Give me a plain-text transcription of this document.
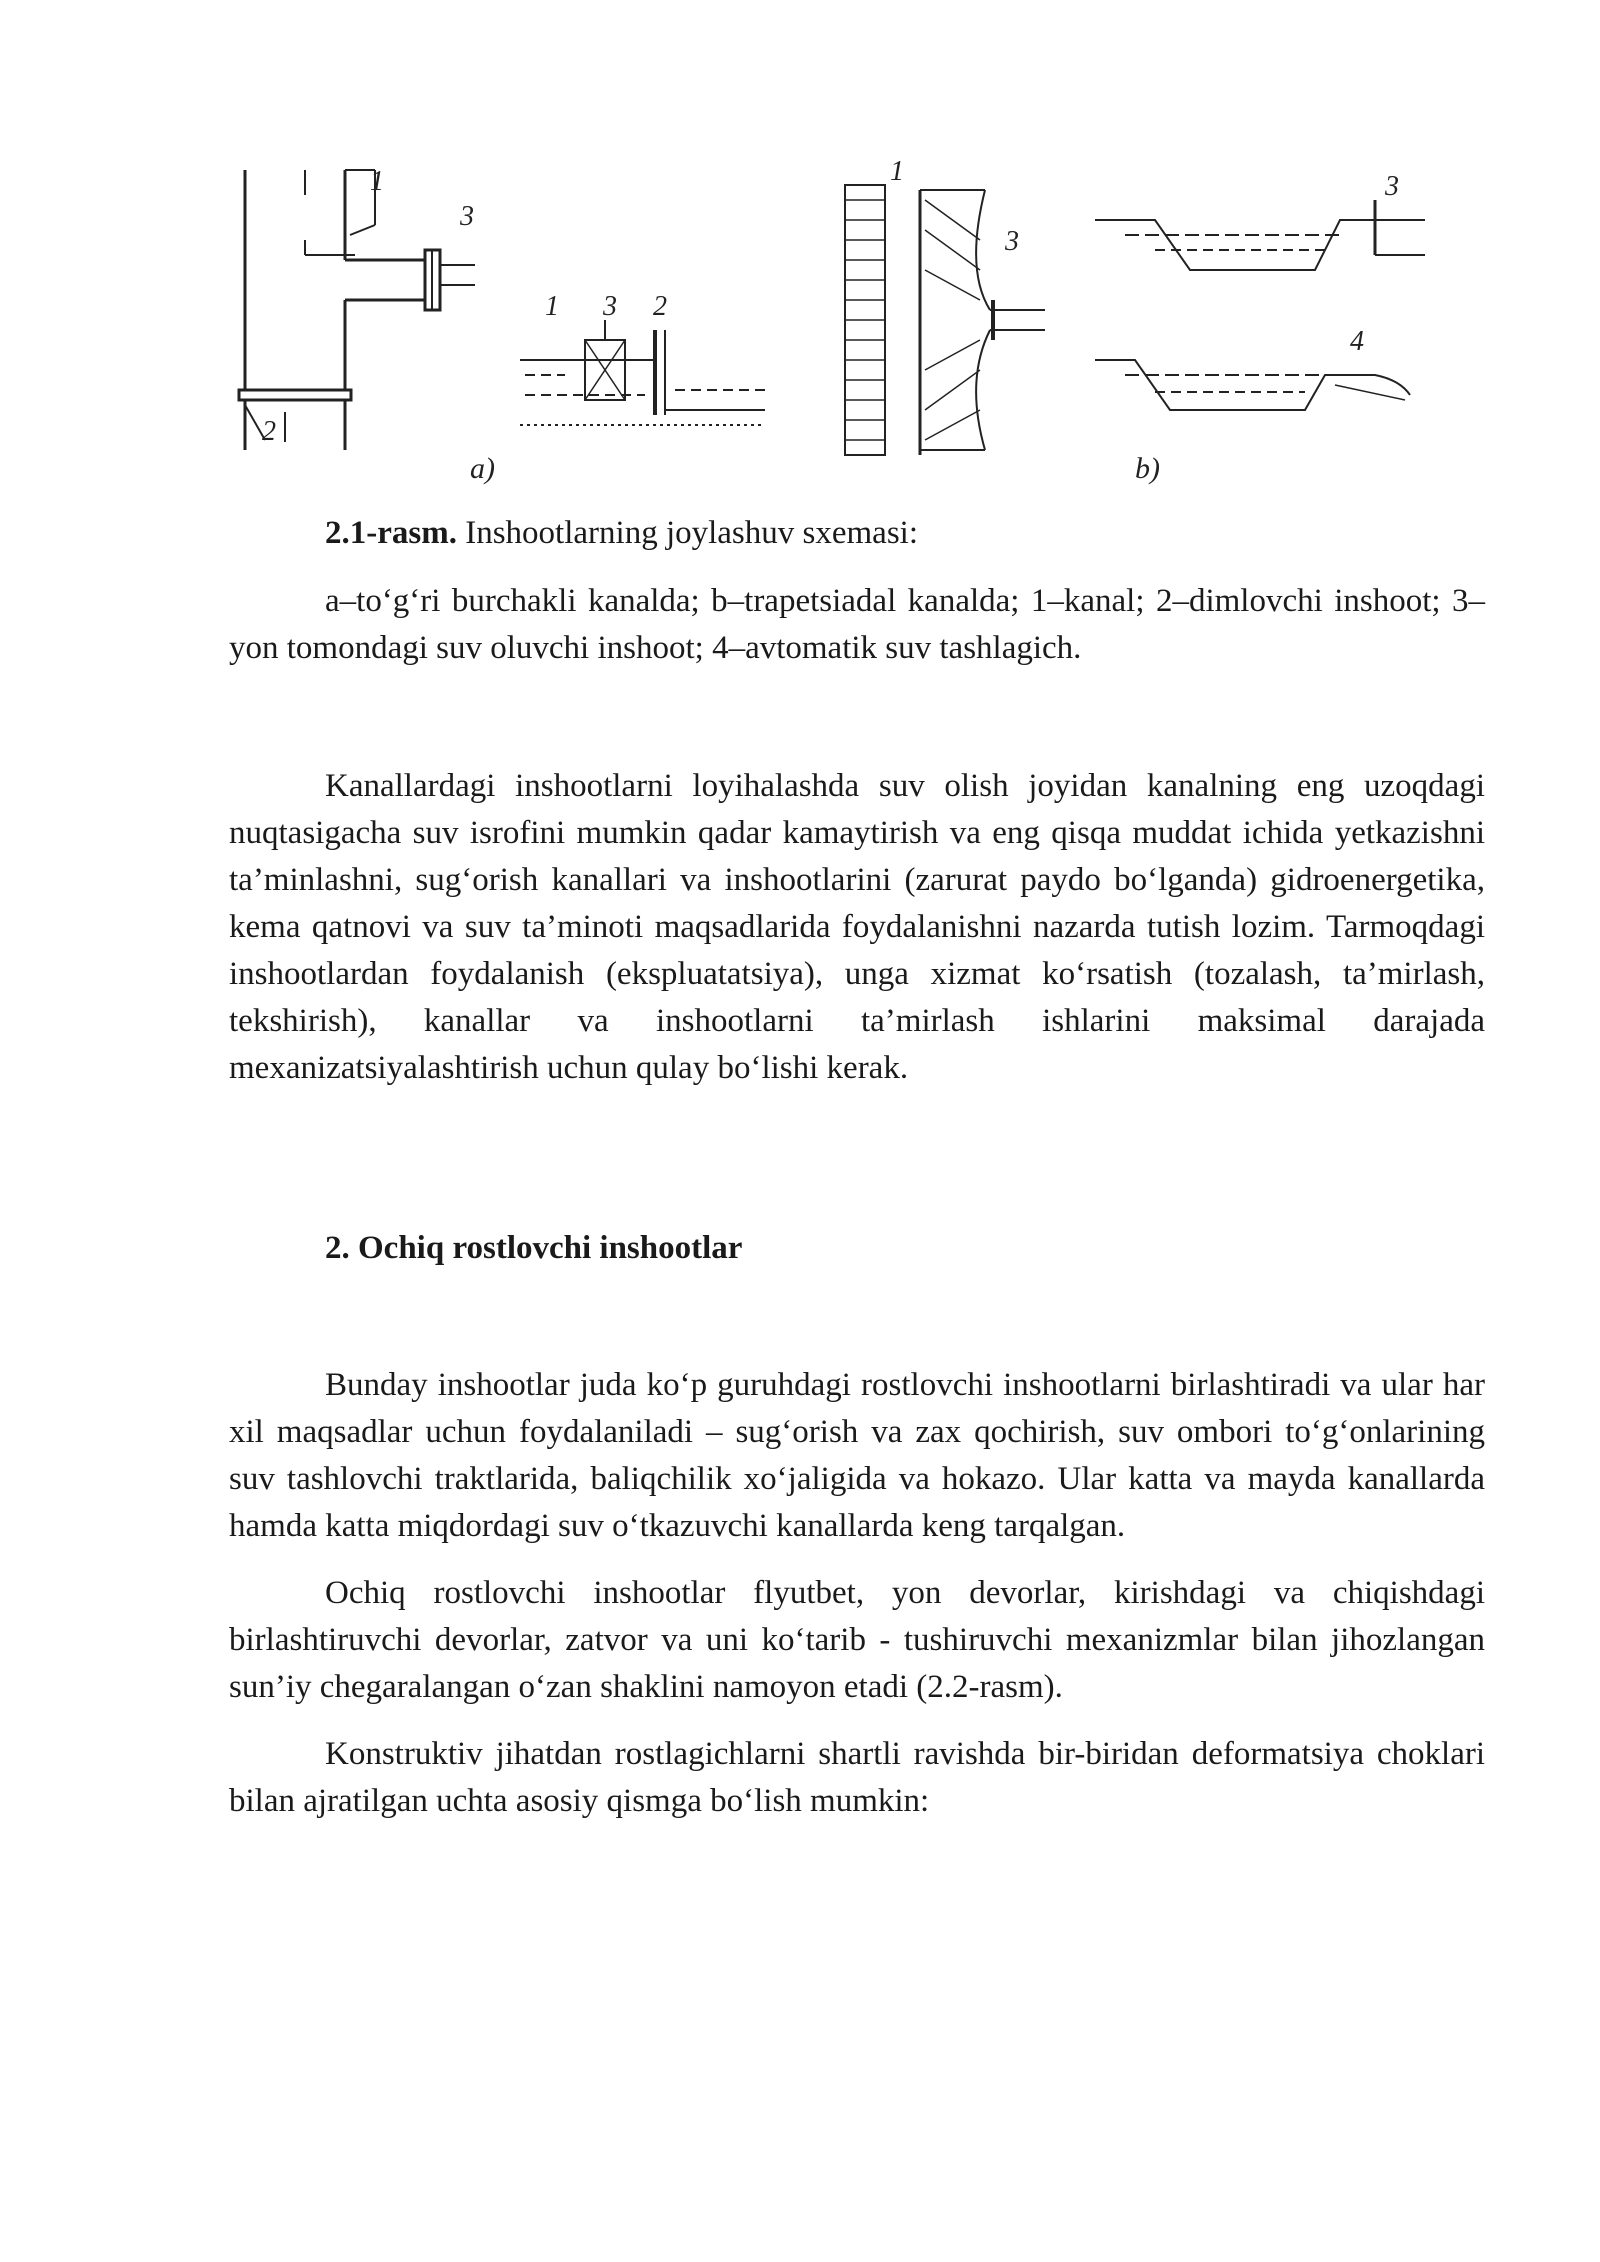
1
2
3
1 3 2
1
3
3
4
a)	b)
2.1-rasm. Inshootlarning joylashuv sxemasi:

a–to‘g‘ri burchakli kanalda; b–trapetsiadal kanalda; 1–kanal; 2–dimlovchi inshoot; 3–yon tomondagi suv oluvchi inshoot; 4–avtomatik suv tashlagich.

Kanallardagi inshootlarni loyihalashda suv olish joyidan kanalning eng uzoqdagi nuqtasigacha suv isrofini mumkin qadar kamaytirish va eng qisqa muddat ichida yetkazishni ta’minlashni, sug‘orish kanallari va inshootlarini (zarurat paydo bo‘lganda) gidroenergetika, kema qatnovi va suv ta’minoti maqsadlarida foydalanishni nazarda tutish lozim. Tarmoqdagi inshootlardan foydalanish (ekspluatatsiya), unga xizmat ko‘rsatish (tozalash, ta’mirlash, tekshirish), kanallar va inshootlarni ta’mirlash ishlarini maksimal darajada mexanizatsiyalashtirish uchun qulay bo‘lishi kerak.

2. Ochiq rostlovchi inshootlar

Bunday inshootlar juda ko‘p guruhdagi rostlovchi inshootlarni birlashtiradi va ular har xil maqsadlar uchun foydalaniladi – sug‘orish va zax qochirish, suv ombori to‘g‘onlarining suv tashlovchi traktlarida, baliqchilik xo‘jaligida va hokazo. Ular katta va mayda kanallarda hamda katta miqdordagi suv o‘tkazuvchi kanallarda keng tarqalgan.

Ochiq rostlovchi inshootlar flyutbet, yon devorlar, kirishdagi va chiqishdagi birlashtiruvchi devorlar, zatvor va uni ko‘tarib - tushiruvchi mexanizmlar bilan jihozlangan sun’iy chegaralangan o‘zan shaklini namoyon etadi (2.2-rasm).

Konstruktiv jihatdan rostlagichlarni shartli ravishda bir-biridan deformatsiya choklari bilan ajratilgan uchta asosiy qismga bo‘lish mumkin:
